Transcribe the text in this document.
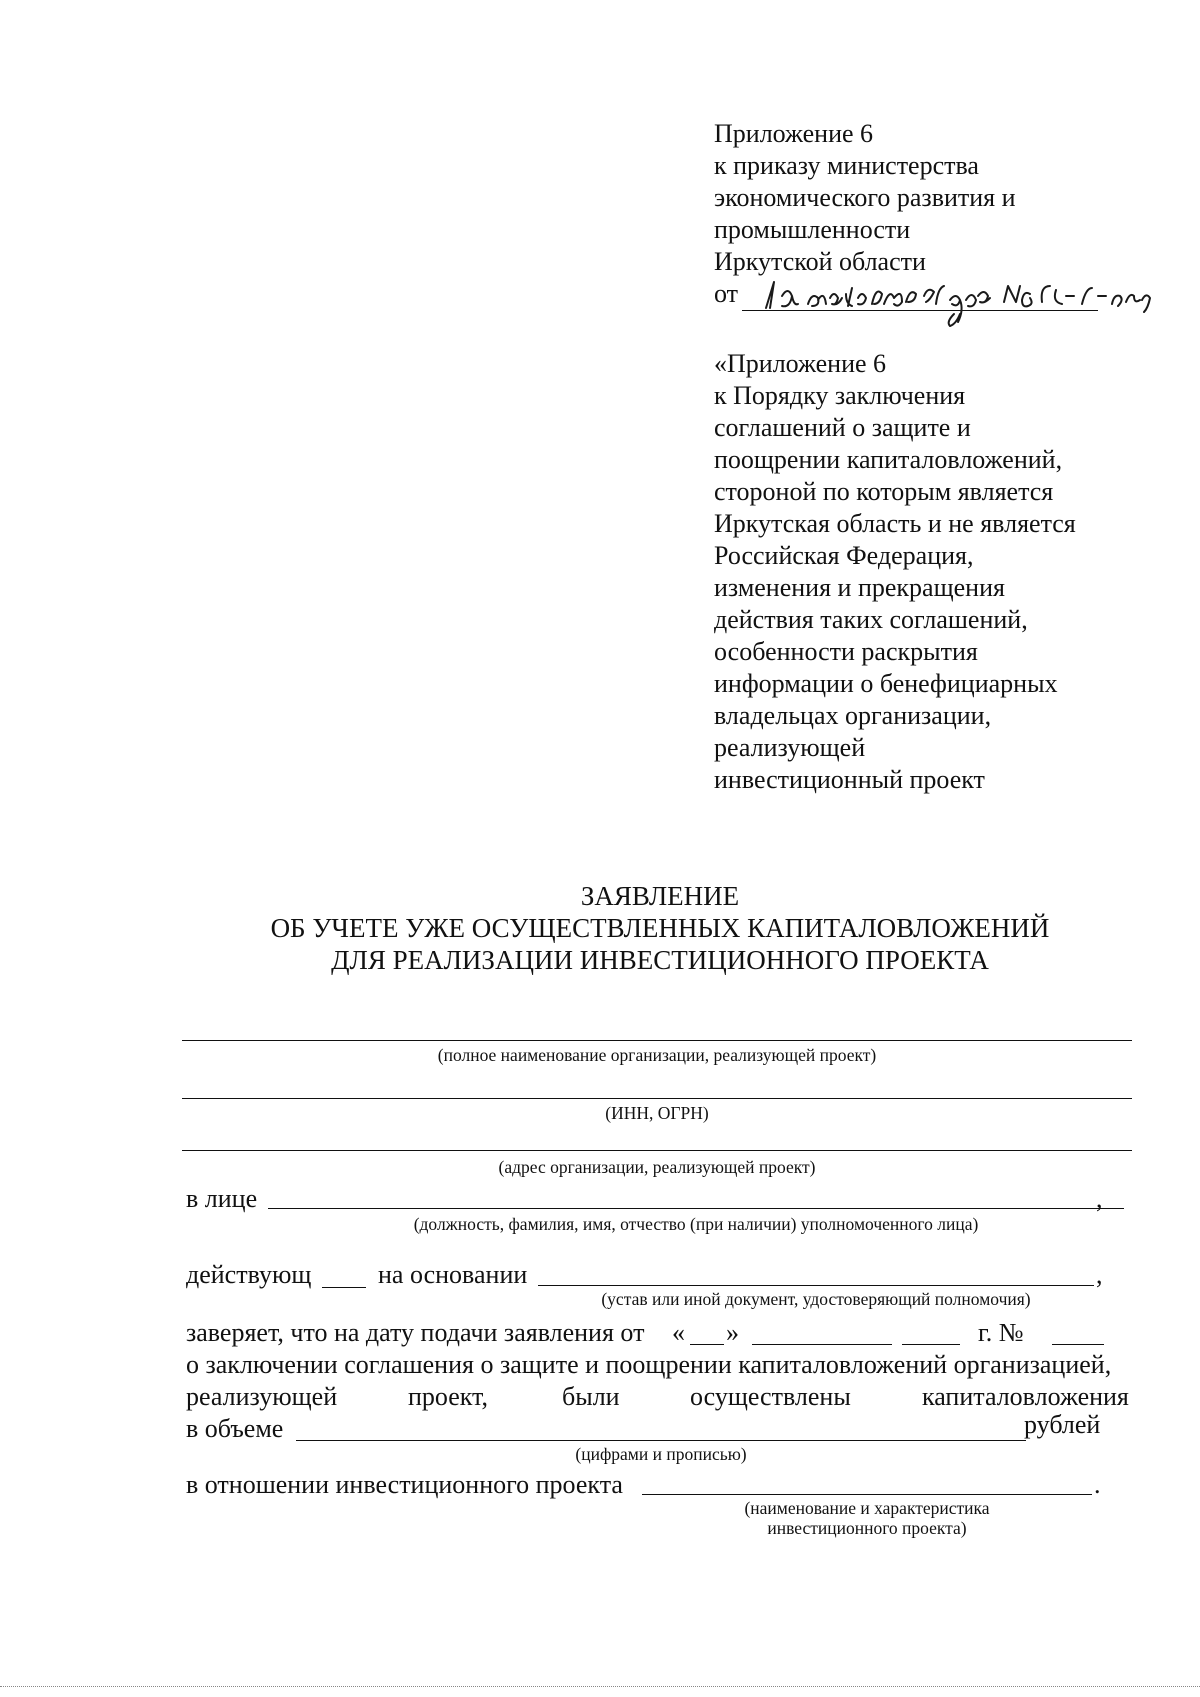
Приложение 6
к приказу министерства
экономического развития и
промышленности
Иркутской области
от
«Приложение 6
к Порядку заключения
соглашений о защите и
поощрении капиталовложений,
стороной по которым является
Иркутская область и не является
Российская Федерация,
изменения и прекращения
действия таких соглашений,
особенности раскрытия
информации о бенефициарных
владельцах организации,
реализующей
инвестиционный проект
ЗАЯВЛЕНИЕ
ОБ УЧЕТЕ УЖЕ ОСУЩЕСТВЛЕННЫХ КАПИТАЛОВЛОЖЕНИЙ
ДЛЯ РЕАЛИЗАЦИИ ИНВЕСТИЦИОННОГО ПРОЕКТА
(полное наименование организации, реализующей проект)
(ИНН, ОГРН)
(адрес организации, реализующей проект)
в лице	,
(должность, фамилия, имя, отчество (при наличии) уполномоченного лица)
действующ	на основании	,
(устав или иной документ, удостоверяющий полномочия)
заверяет, что на дату подачи заявления от « »	г. №
о заключении соглашения о защите и поощрении капиталовложений организацией,
реализующей	проект,	были	осуществлены	капиталовложения
в объеме	рублей
(цифрами и прописью)
в отношении инвестиционного проекта	.
(наименование и характеристика
инвестиционного проекта)
